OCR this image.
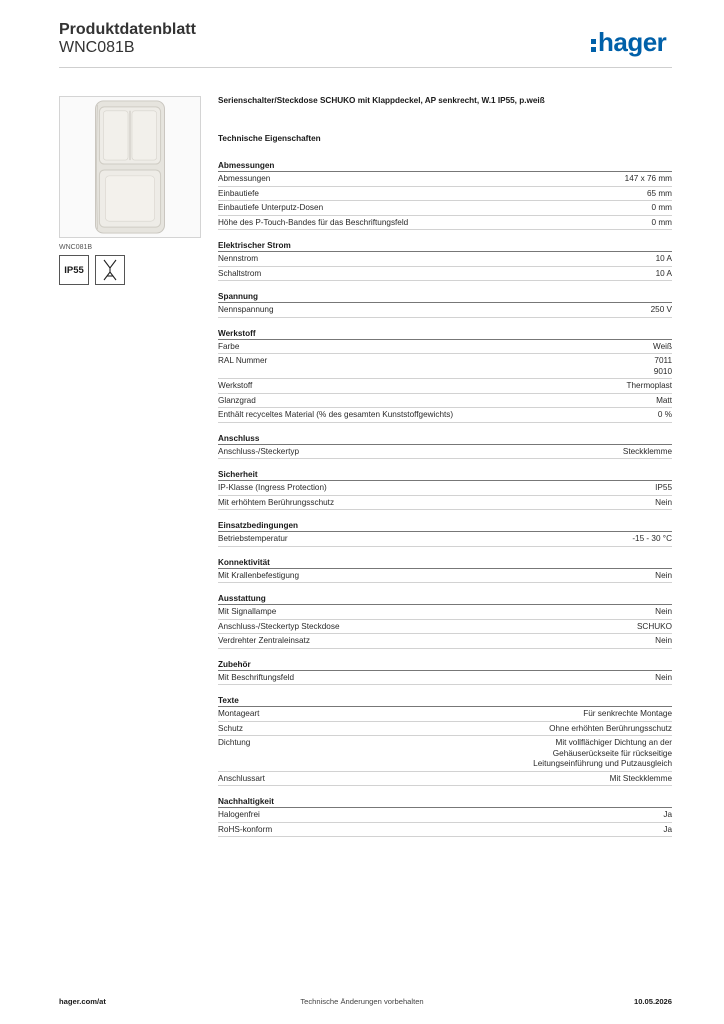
Produktdatenblatt
WNC081B	hager
WNC081B
IP55
Serienschalter/Steckdose SCHUKO mit Klappdeckel, AP senkrecht, W.1 IP55, p.weiß
Technische Eigenschaften
Abmessungen
Abmessungen	147 x 76 mm
Einbautiefe	65 mm
Einbautiefe Unterputz-Dosen	0 mm
Höhe des P-Touch-Bandes für das Beschriftungsfeld	0 mm
Elektrischer Strom
Nennstrom	10 A
Schaltstrom	10 A
Spannung
Nennspannung	250 V
Werkstoff
Farbe	Weiß
RAL Nummer	7011
9010
Werkstoff	Thermoplast
Glanzgrad	Matt
Enthält recyceltes Material (% des gesamten Kunststoffgewichts)	0 %
Anschluss
Anschluss-/Steckertyp	Steckklemme
Sicherheit
IP-Klasse (Ingress Protection)	IP55
Mit erhöhtem Berührungsschutz	Nein
Einsatzbedingungen
Betriebstemperatur	-15 - 30 °C
Konnektivität
Mit Krallenbefestigung	Nein
Ausstattung
Mit Signallampe	Nein
Anschluss-/Steckertyp Steckdose	SCHUKO
Verdrehter Zentraleinsatz	Nein
Zubehör
Mit Beschriftungsfeld	Nein
Texte
Montageart	Für senkrechte Montage
Schutz	Ohne erhöhten Berührungsschutz
Dichtung	Mit vollflächiger Dichtung an der
Gehäuserückseite für rückseitige
Leitungseinführung und Putzausgleich
Anschlussart	Mit Steckklemme
Nachhaltigkeit
Halogenfrei	Ja
RoHS-konform	Ja
hager.com/at	Technische Änderungen vorbehalten	10.05.2026
